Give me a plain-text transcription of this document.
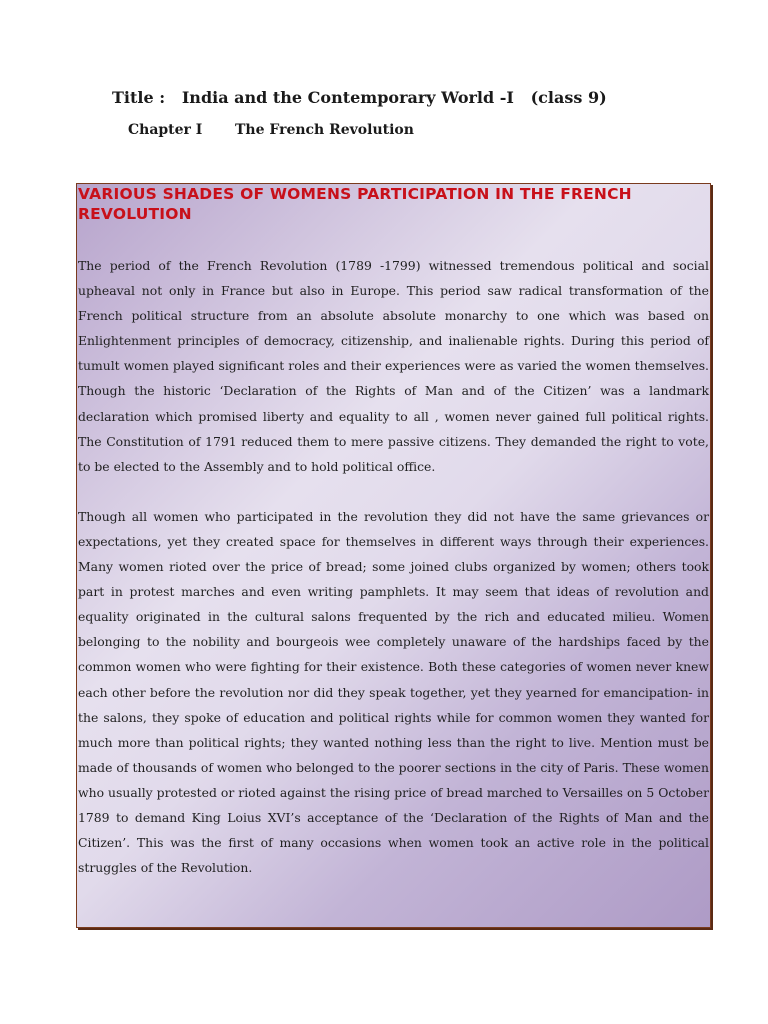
Title :   India and the Contemporary World -I   (class 9)
Chapter I The French Revolution
VARIOUS SHADES OF WOMENS PARTICIPATION IN THE FRENCH REVOLUTION

The period of the French Revolution (1789 -1799) witnessed tremendous political and social upheaval not only in France but also in Europe. This period saw radical transformation of the French political structure from an absolute absolute monarchy to one which was based on Enlightenment principles of democracy, citizenship, and inalienable rights. During this period of tumult women played significant roles and their experiences were as varied the women themselves. Though the historic ‘Declaration of the Rights of Man and of the Citizen’ was a landmark declaration which promised liberty and equality to all , women never gained full political rights. The Constitution of 1791 reduced them to mere passive citizens. They demanded the right to vote, to be elected to the Assembly and to hold political office.

Though all women who participated in the revolution they did not have the same grievances or expectations, yet they created space for themselves in different ways through their experiences. Many women rioted over the price of bread; some joined clubs organized by women; others took part in protest marches and even writing pamphlets. It may seem that ideas of revolution and equality originated in the cultural salons frequented by the rich and educated milieu. Women belonging to the nobility and bourgeois wee completely unaware of the hardships faced by the common women who were fighting for their existence. Both these categories of women never knew each other before the revolution nor did they speak together, yet they yearned for emancipation- in the salons, they spoke of education and political rights while for common women they wanted for much more than political rights; they wanted nothing less than the right to live. Mention must be made of thousands of women who belonged to the poorer sections in the city of Paris. These women who usually protested or rioted against the rising price of bread marched to Versailles on 5 October 1789 to demand King Loius XVI’s acceptance of the ‘Declaration of the Rights of Man and the Citizen’. This was the first of many occasions when women took an active role in the political struggles of the Revolution.
